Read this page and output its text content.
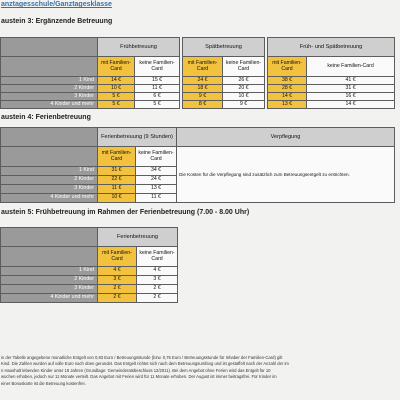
anztagesschule/Ganztagesklasse
austein 3: Ergänzende Betreuung
	Frühbetreuung			Spätbetreuung			Früh- und Spätbetreuung	
	mit Familien-Card	keine Familien-Card		mit Familien-Card	keine Familien-Card		mit Familien-Card	keine Familien-Card
1 Kind	14 €	15 €		24 €	26 €		38 €	41 €
2 Kinder	10 €	11 €		18 €	20 €		28 €	31 €
3 Kinder	5 €	6 €		9 €	10 €		14 €	16 €
4 Kinder und mehr	5 €	5 €		8 €	9 €		13 €	14 €
austein 4: Ferienbetreuung
	Ferienbetreuung (9 Stunden)		Verpflegung
	mit Familien-Card	keine Familien-Card	Die Kosten für die Verpflegung sind zusätzlich zum Betreuungsentgelt zu entrichten.
1 Kind	31 €	34 €	
2 Kinder	22 €	24 €	
3 Kinder	11 €	13 €	
4 Kinder und mehr	10 €	11 €	
austein 5: Frühbetreuung im Rahmen der Ferienbetreuung (7.00 - 8.00 Uhr)
	Ferienbetreuung	
	mit Familien-Card	keine Familien-Card
1 Kind	4 €	4 €
2 Kinder	3 €	3 €
3 Kinder	2 €	2 €
4 Kinder und mehr	2 €	2 €
in der Tabelle angegebene monatliche Entgelt von 0,83 Euro / Betreuungsstunde (bzw. 0,76 Euro / Betreuungsstunde für Inhaber der Familien-Card) gilt
Kind. Die Zahlen wurden auf volle Euro nach oben gerundet. Das Entgelt richtet sich nach dem Betreuungsumfang und ist gestaffelt nach der Anzahl der im
n Haushalt lebenden Kinder unter 18 Jahren (Grundlage: Gemeinderatsbeschluss 12/2011). Bei dem Angebot ohne Ferien wird das Entgelt für 10
wochen erhoben, jedoch nur 11 Monate verteilt. Das Angebot mit Ferien wird für 11 Monate erhoben. Der August ist immer beitragsfrei. Für Kinder im
einer Bonuskarte ist die Betreuung kostenfrei.
